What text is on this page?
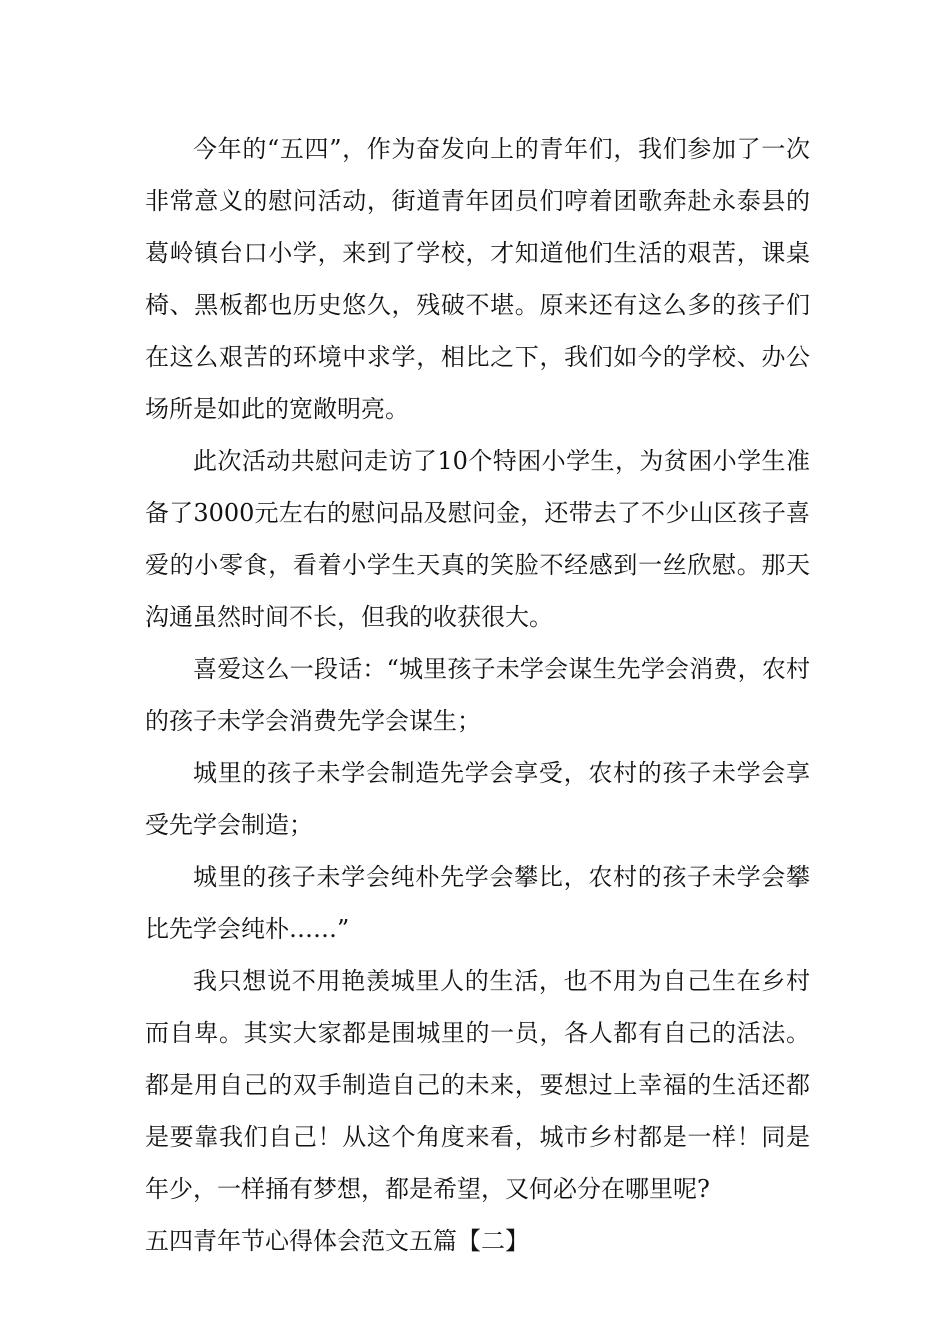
今年的“五四”，作为奋发向上的青年们，我们参加了一次非常意义的慰问活动，街道青年团员们哼着团歌奔赴永泰县的葛岭镇台口小学，来到了学校，才知道他们生活的艰苦，课桌椅、黑板都也历史悠久，残破不堪。原来还有这么多的孩子们在这么艰苦的环境中求学，相比之下，我们如今的学校、办公场所是如此的宽敞明亮。

此次活动共慰问走访了10个特困小学生，为贫困小学生准备了3000元左右的慰问品及慰问金，还带去了不少山区孩子喜爱的小零食，看着小学生天真的笑脸不经感到一丝欣慰。那天沟通虽然时间不长，但我的收获很大。

喜爱这么一段话：“城里孩子未学会谋生先学会消费，农村的孩子未学会消费先学会谋生；

城里的孩子未学会制造先学会享受，农村的孩子未学会享受先学会制造；

城里的孩子未学会纯朴先学会攀比，农村的孩子未学会攀比先学会纯朴……”

我只想说不用艳羡城里人的生活，也不用为自己生在乡村而自卑。其实大家都是围城里的一员，各人都有自己的活法。都是用自己的双手制造自己的未来，要想过上幸福的生活还都是要靠我们自己！从这个角度来看，城市乡村都是一样！同是年少，一样捅有梦想，都是希望，又何必分在哪里呢?

五四青年节心得体会范文五篇【二】
